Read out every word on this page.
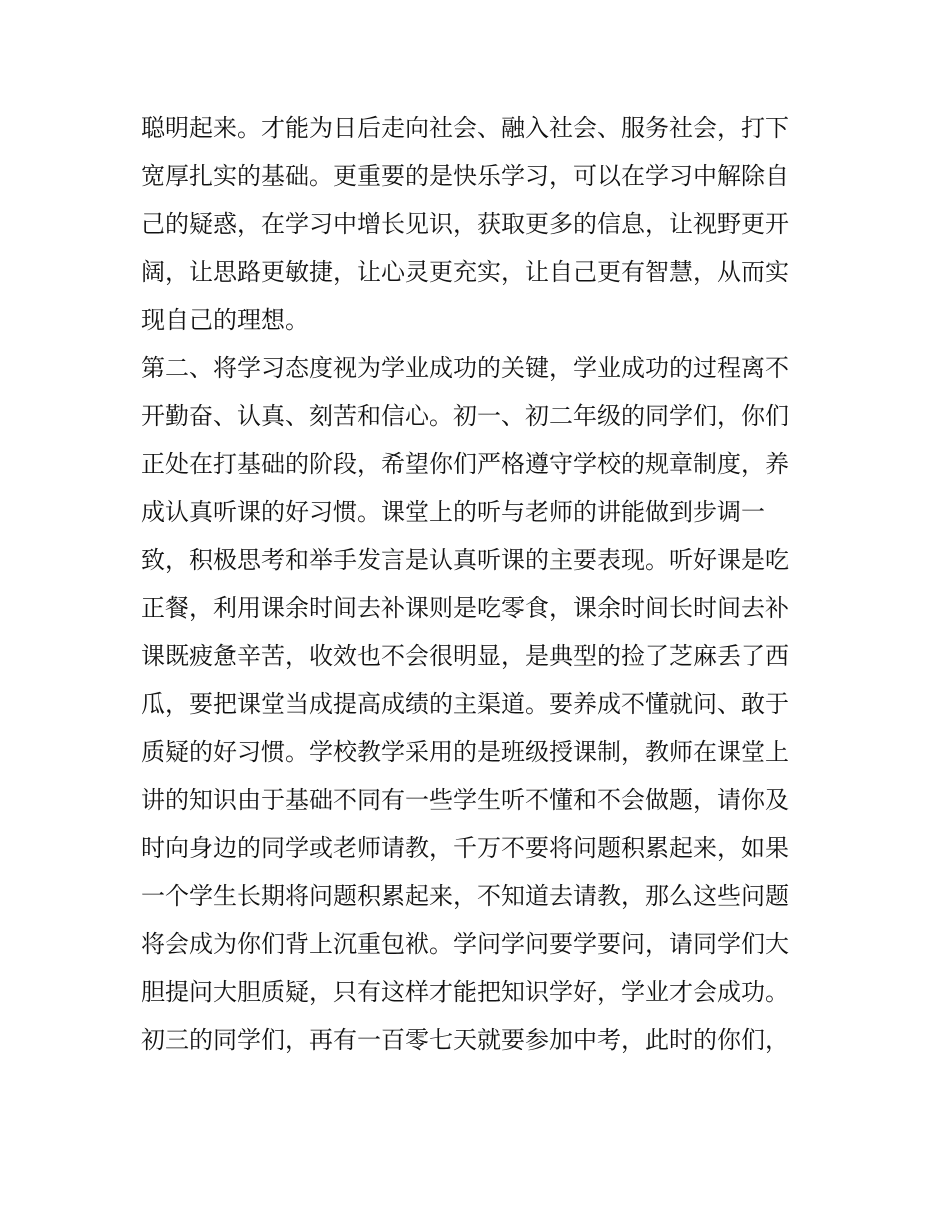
聪明起来。才能为日后走向社会、融入社会、服务社会，打下
宽厚扎实的基础。更重要的是快乐学习，可以在学习中解除自
己的疑惑，在学习中增长见识，获取更多的信息，让视野更开
阔，让思路更敏捷，让心灵更充实，让自己更有智慧，从而实
现自己的理想。
第二、将学习态度视为学业成功的关键，学业成功的过程离不
开勤奋、认真、刻苦和信心。初一、初二年级的同学们，你们
正处在打基础的阶段，希望你们严格遵守学校的规章制度，养
成认真听课的好习惯。课堂上的听与老师的讲能做到步调一
致，积极思考和举手发言是认真听课的主要表现。听好课是吃
正餐，利用课余时间去补课则是吃零食，课余时间长时间去补
课既疲惫辛苦，收效也不会很明显，是典型的捡了芝麻丢了西
瓜，要把课堂当成提高成绩的主渠道。要养成不懂就问、敢于
质疑的好习惯。学校教学采用的是班级授课制，教师在课堂上
讲的知识由于基础不同有一些学生听不懂和不会做题，请你及
时向身边的同学或老师请教，千万不要将问题积累起来，如果
一个学生长期将问题积累起来，不知道去请教，那么这些问题
将会成为你们背上沉重包袱。学问学问要学要问，请同学们大
胆提问大胆质疑，只有这样才能把知识学好，学业才会成功。
初三的同学们，再有一百零七天就要参加中考，此时的你们，
